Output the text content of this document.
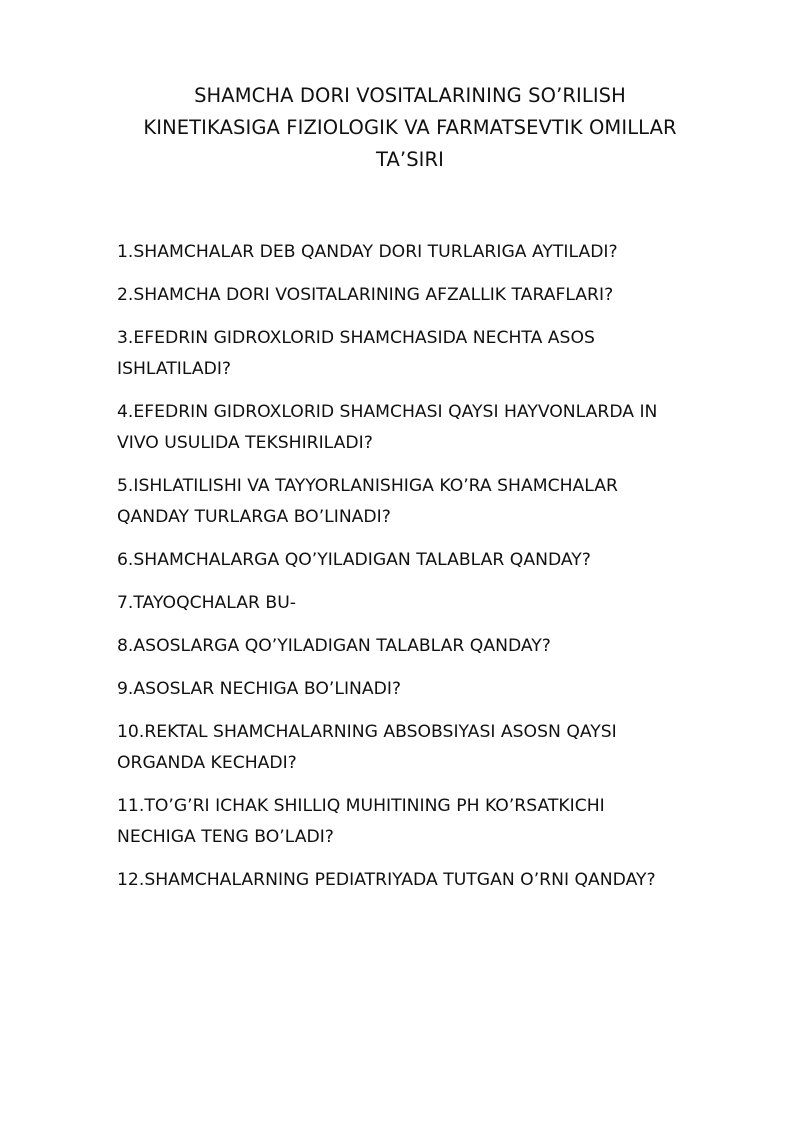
SHAMCHA DORI VOSITALARINING SO’RILISH
KINETIKASIGA FIZIOLOGIK VA FARMATSEVTIK OMILLAR
TA’SIRI
1.SHAMCHALAR DEB QANDAY DORI TURLARIGA AYTILADI?
2.SHAMCHA DORI VOSITALARINING AFZALLIK TARAFLARI?
3.EFEDRIN GIDROXLORID SHAMCHASIDA NECHTA ASOS
ISHLATILADI?
4.EFEDRIN GIDROXLORID SHAMCHASI QAYSI HAYVONLARDA IN
VIVO USULIDA TEKSHIRILADI?
5.ISHLATILISHI VA TAYYORLANISHIGA KO’RA SHAMCHALAR
QANDAY TURLARGA BO’LINADI?
6.SHAMCHALARGA QO’YILADIGAN TALABLAR QANDAY?
7.TAYOQCHALAR BU-
8.ASOSLARGA QO’YILADIGAN TALABLAR QANDAY?
9.ASOSLAR NECHIGA BO’LINADI?
10.REKTAL SHAMCHALARNING ABSOBSIYASI ASOSN QAYSI
ORGANDA KECHADI?
11.TO’G’RI ICHAK SHILLIQ MUHITINING PH KO’RSATKICHI
NECHIGA TENG BO’LADI?
12.SHAMCHALARNING PEDIATRIYADA TUTGAN O’RNI QANDAY?
